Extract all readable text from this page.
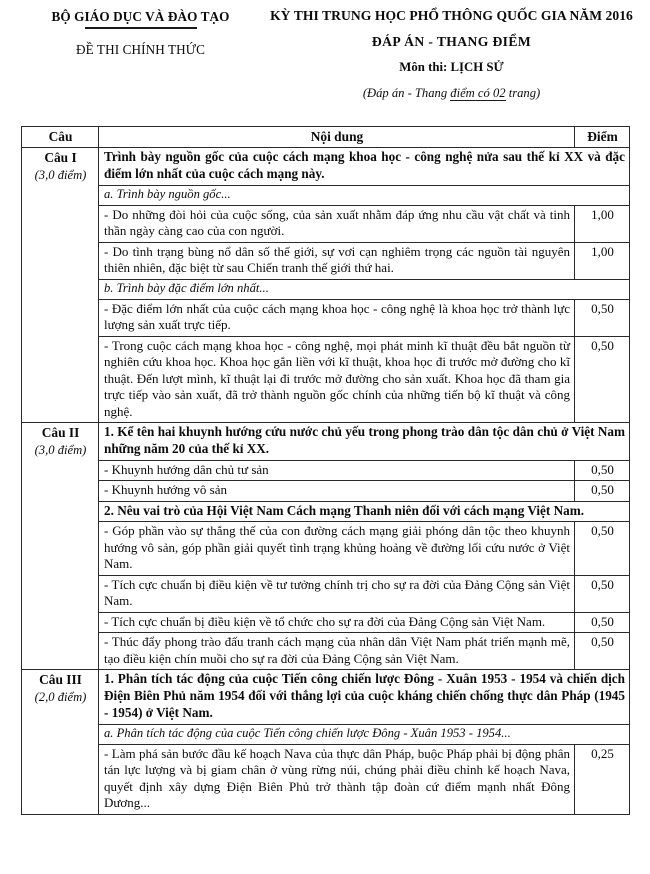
BỘ GIÁO DỤC VÀ ĐÀO TẠO
ĐỀ THI CHÍNH THỨC
KỲ THI TRUNG HỌC PHỔ THÔNG QUỐC GIA NĂM 2016
ĐÁP ÁN - THANG ĐIỂM
Môn thi: LỊCH SỬ
(Đáp án - Thang điểm có 02 trang)
Câu	Nội dung	Điểm

Câu I
(3,0 điểm)	Trình bày nguồn gốc của cuộc cách mạng khoa học - công nghệ nửa sau thế kỉ XX và đặc điểm lớn nhất của cuộc cách mạng này.	
	a. Trình bày nguồn gốc...	
	- Do những đòi hỏi của cuộc sống, của sản xuất nhằm đáp ứng nhu cầu vật chất và tinh thần ngày càng cao của con người.	1,00
	- Do tình trạng bùng nổ dân số thế giới, sự vơi cạn nghiêm trọng các nguồn tài nguyên thiên nhiên, đặc biệt từ sau Chiến tranh thế giới thứ hai.	1,00
	b. Trình bày đặc điểm lớn nhất...	
	- Đặc điểm lớn nhất của cuộc cách mạng khoa học - công nghệ là khoa học trở thành lực lượng sản xuất trực tiếp.	0,50
	- Trong cuộc cách mạng khoa học - công nghệ, mọi phát minh kĩ thuật đều bắt nguồn từ nghiên cứu khoa học. Khoa học gắn liền với kĩ thuật, khoa học đi trước mở đường cho kĩ thuật. Đến lượt mình, kĩ thuật lại đi trước mở đường cho sản xuất. Khoa học đã tham gia trực tiếp vào sản xuất, đã trở thành nguồn gốc chính của những tiến bộ kĩ thuật và công nghệ.	0,50

Câu II
(3,0 điểm)	1. Kể tên hai khuynh hướng cứu nước chủ yếu trong phong trào dân tộc dân chủ ở Việt Nam những năm 20 của thế kỉ XX.	
	- Khuynh hướng dân chủ tư sản	0,50
	- Khuynh hướng vô sản	0,50
	2. Nêu vai trò của Hội Việt Nam Cách mạng Thanh niên đối với cách mạng Việt Nam.	
	- Góp phần vào sự thắng thế của con đường cách mạng giải phóng dân tộc theo khuynh hướng vô sản, góp phần giải quyết tình trạng khủng hoảng về đường lối cứu nước ở Việt Nam.	0,50
	- Tích cực chuẩn bị điều kiện về tư tưởng chính trị cho sự ra đời của Đảng Cộng sản Việt Nam.	0,50
	- Tích cực chuẩn bị điều kiện về tổ chức cho sự ra đời của Đảng Cộng sản Việt Nam.	0,50
	- Thúc đẩy phong trào đấu tranh cách mạng của nhân dân Việt Nam phát triển mạnh mẽ, tạo điều kiện chín muồi cho sự ra đời của Đảng Cộng sản Việt Nam.	0,50

Câu III
(2,0 điểm)	1. Phân tích tác động của cuộc Tiến công chiến lược Đông - Xuân 1953 - 1954 và chiến dịch Điện Biên Phủ năm 1954 đối với thắng lợi của cuộc kháng chiến chống thực dân Pháp (1945 - 1954) ở Việt Nam.	
	a. Phân tích tác động của cuộc Tiến công chiến lược Đông - Xuân 1953 - 1954...	
	- Làm phá sản bước đầu kế hoạch Nava của thực dân Pháp, buộc Pháp phải bị động phân tán lực lượng và bị giam chân ở vùng rừng núi, chúng phải điều chỉnh kế hoạch Nava, quyết định xây dựng Điện Biên Phủ trở thành tập đoàn cứ điểm mạnh nhất Đông Dương...	0,25
